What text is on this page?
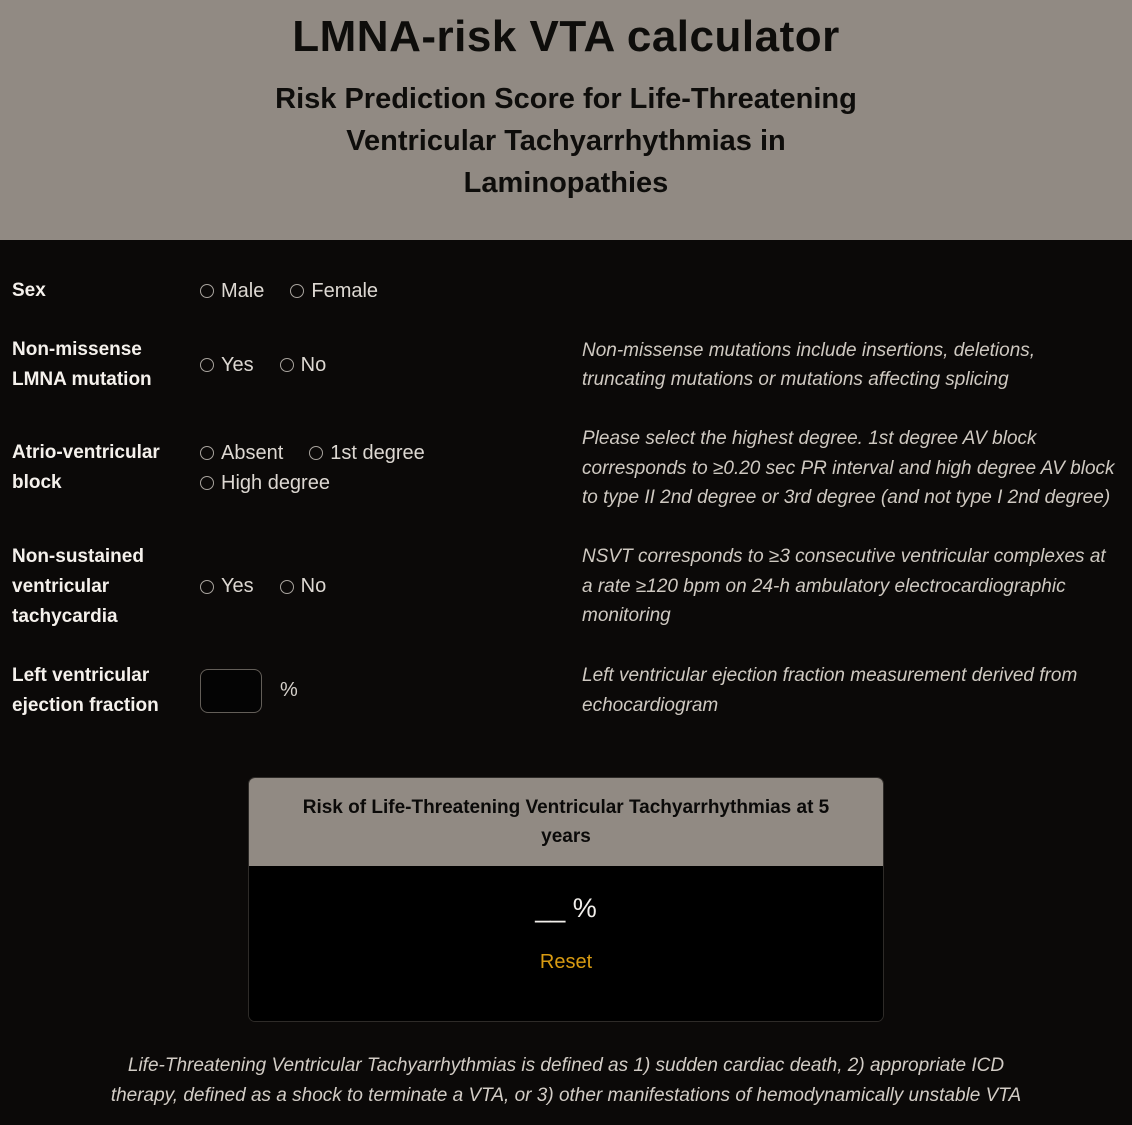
LMNA-risk VTA calculator
Risk Prediction Score for Life-Threatening Ventricular Tachyarrhythmias in Laminopathies
Sex	Male Female
Non-missense LMNA mutation
Yes No
Non-missense mutations include insertions, deletions, truncating mutations or mutations affecting splicing
Atrio-ventricular block
Absent 1st degree
High degree
Please select the highest degree. 1st degree AV block corresponds to ≥0.20 sec PR interval and high degree AV block to type II 2nd degree or 3rd degree (and not type I 2nd degree)
Non-sustained ventricular tachycardia
Yes No
NSVT corresponds to ≥3 consecutive ventricular complexes at a rate ≥120 bpm on 24-h ambulatory electrocardiographic monitoring
Left ventricular ejection fraction
%
Left ventricular ejection fraction measurement derived from echocardiogram
Risk of Life-Threatening Ventricular Tachyarrhythmias at 5 years
__ %
Reset
Life-Threatening Ventricular Tachyarrhythmias is defined as 1) sudden cardiac death, 2) appropriate ICD therapy, defined as a shock to terminate a VTA, or 3) other manifestations of hemodynamically unstable VTA
